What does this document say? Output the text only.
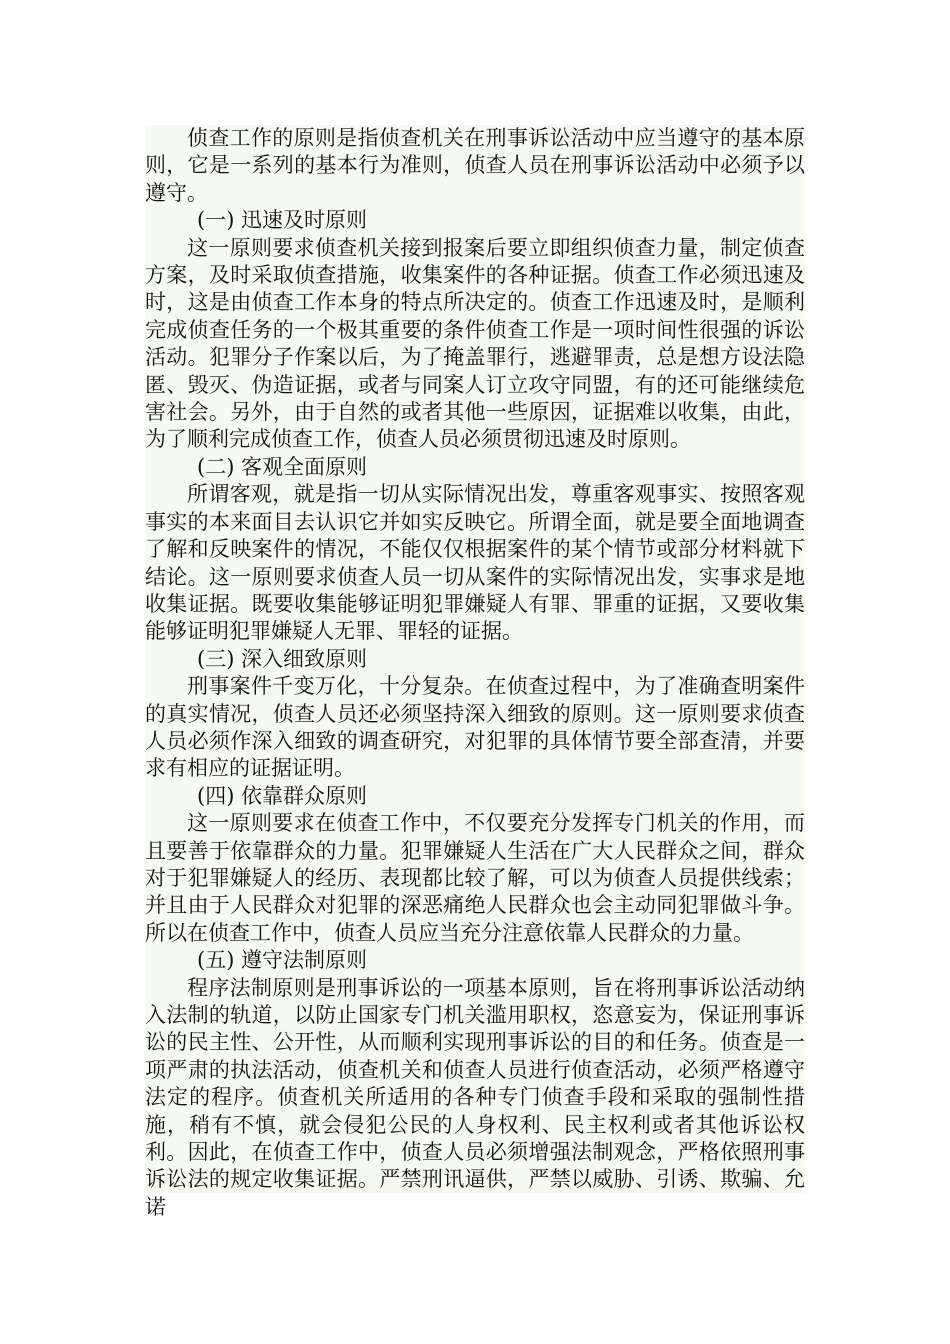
侦查工作的原则是指侦查机关在刑事诉讼活动中应当遵守的基本原则，它是一系列的基本行为准则，侦查人员在刑事诉讼活动中必须予以遵守。

(一) 迅速及时原则

这一原则要求侦查机关接到报案后要立即组织侦查力量，制定侦查方案，及时采取侦查措施，收集案件的各种证据。侦查工作必须迅速及时，这是由侦查工作本身的特点所决定的。侦查工作迅速及时，是顺利完成侦查任务的一个极其重要的条件侦查工作是一项时间性很强的诉讼活动。犯罪分子作案以后，为了掩盖罪行，逃避罪责，总是想方设法隐匿、毁灭、伪造证据，或者与同案人订立攻守同盟，有的还可能继续危害社会。另外，由于自然的或者其他一些原因，证据难以收集，由此，为了顺利完成侦查工作，侦查人员必须贯彻迅速及时原则。

(二) 客观全面原则

所谓客观，就是指一切从实际情况出发，尊重客观事实、按照客观事实的本来面目去认识它并如实反映它。所谓全面，就是要全面地调查了解和反映案件的情况，不能仅仅根据案件的某个情节或部分材料就下结论。这一原则要求侦查人员一切从案件的实际情况出发，实事求是地收集证据。既要收集能够证明犯罪嫌疑人有罪、罪重的证据，又要收集能够证明犯罪嫌疑人无罪、罪轻的证据。

(三) 深入细致原则

刑事案件千变万化，十分复杂。在侦查过程中，为了准确查明案件的真实情况，侦查人员还必须坚持深入细致的原则。这一原则要求侦查人员必须作深入细致的调查研究，对犯罪的具体情节要全部查清，并要求有相应的证据证明。

(四) 依靠群众原则

这一原则要求在侦查工作中，不仅要充分发挥专门机关的作用，而且要善于依靠群众的力量。犯罪嫌疑人生活在广大人民群众之间，群众对于犯罪嫌疑人的经历、表现都比较了解，可以为侦查人员提供线索；并且由于人民群众对犯罪的深恶痛绝人民群众也会主动同犯罪做斗争。所以在侦查工作中，侦查人员应当充分注意依靠人民群众的力量。

(五) 遵守法制原则

程序法制原则是刑事诉讼的一项基本原则，旨在将刑事诉讼活动纳入法制的轨道，以防止国家专门机关滥用职权，恣意妄为，保证刑事诉讼的民主性、公开性，从而顺利实现刑事诉讼的目的和任务。侦查是一项严肃的执法活动，侦查机关和侦查人员进行侦查活动，必须严格遵守法定的程序。侦查机关所适用的各种专门侦查手段和采取的强制性措施，稍有不慎，就会侵犯公民的人身权利、民主权利或者其他诉讼权利。因此，在侦查工作中，侦查人员必须增强法制观念，严格依照刑事诉讼法的规定收集证据。严禁刑讯逼供，严禁以威胁、引诱、欺骗、允诺
